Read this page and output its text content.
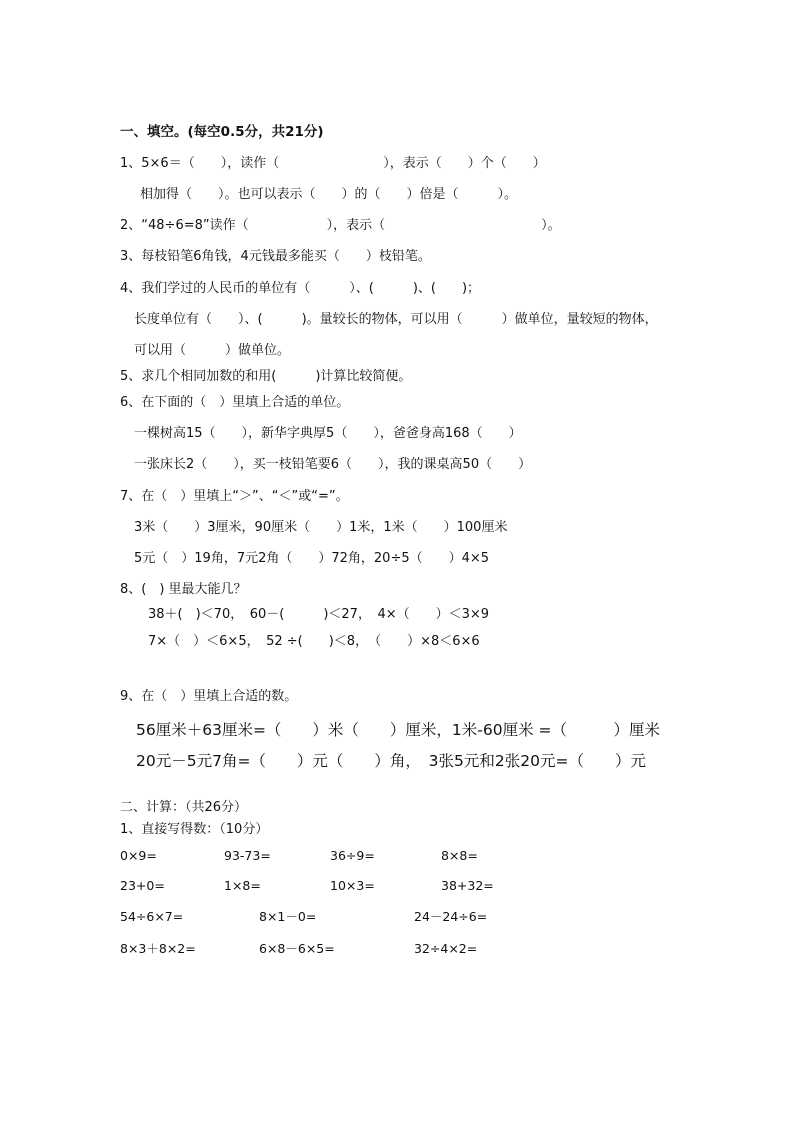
一、填空。(每空0.5分，共21分)
1、5×6＝（　　），读作（　　　　　　　　），表示（　　）个（　　）
相加得（　　）。也可以表示（　　）的（　　）倍是（　　　）。
2、“48÷6=8”读作（　　　　　　），表示（　　　　　　　　　　　　）。
3、每枝铅笔6角钱，4元钱最多能买（　　）枝铅笔。
4、我们学过的人民币的单位有（　　　）、(　　　)、(　　)；
长度单位有（　　）、(　　　)。量较长的物体，可以用（　　　）做单位，量较短的物体，
可以用（　　　）做单位。
5、求几个相同加数的和用(　　　)计算比较简便。
6、在下面的（　）里填上合适的单位。
一棵树高15（　　），新华字典厚5（　　），爸爸身高168（　　）
一张床长2（　　），买一枝铅笔要6（　　），我的课桌高50（　　）
7、在（　）里填上“＞”、“＜”或“=”。
3米（　　）3厘米，90厘米（　　）1米，1米（　　）100厘米
5元（　）19角，7元2角（　　）72角，20÷5（　　）4×5
8、(　) 里最大能几？
38＋(　)＜70，　60－(　　　)＜27，　4×（　　）＜3×9
7×（　）＜6×5，　52 ÷(　　)＜8，　（　　）×8＜6×6
9、在（　）里填上合适的数。
56厘米＋63厘米=（　　）米（　　）厘米，1米-60厘米 =（　　　）厘米
20元－5元7角=（　　）元（　　）角，　3张5元和2张20元=（　　）元
二、计算：（共26分）
1、直接写得数：（10分）
0×9=	93-73=	36÷9=	8×8=
23+0=	1×8=	10×3=	38+32=
54÷6×7=	8×1－0=	24－24÷6=
8×3＋8×2=	6×8－6×5=	32÷4×2=
